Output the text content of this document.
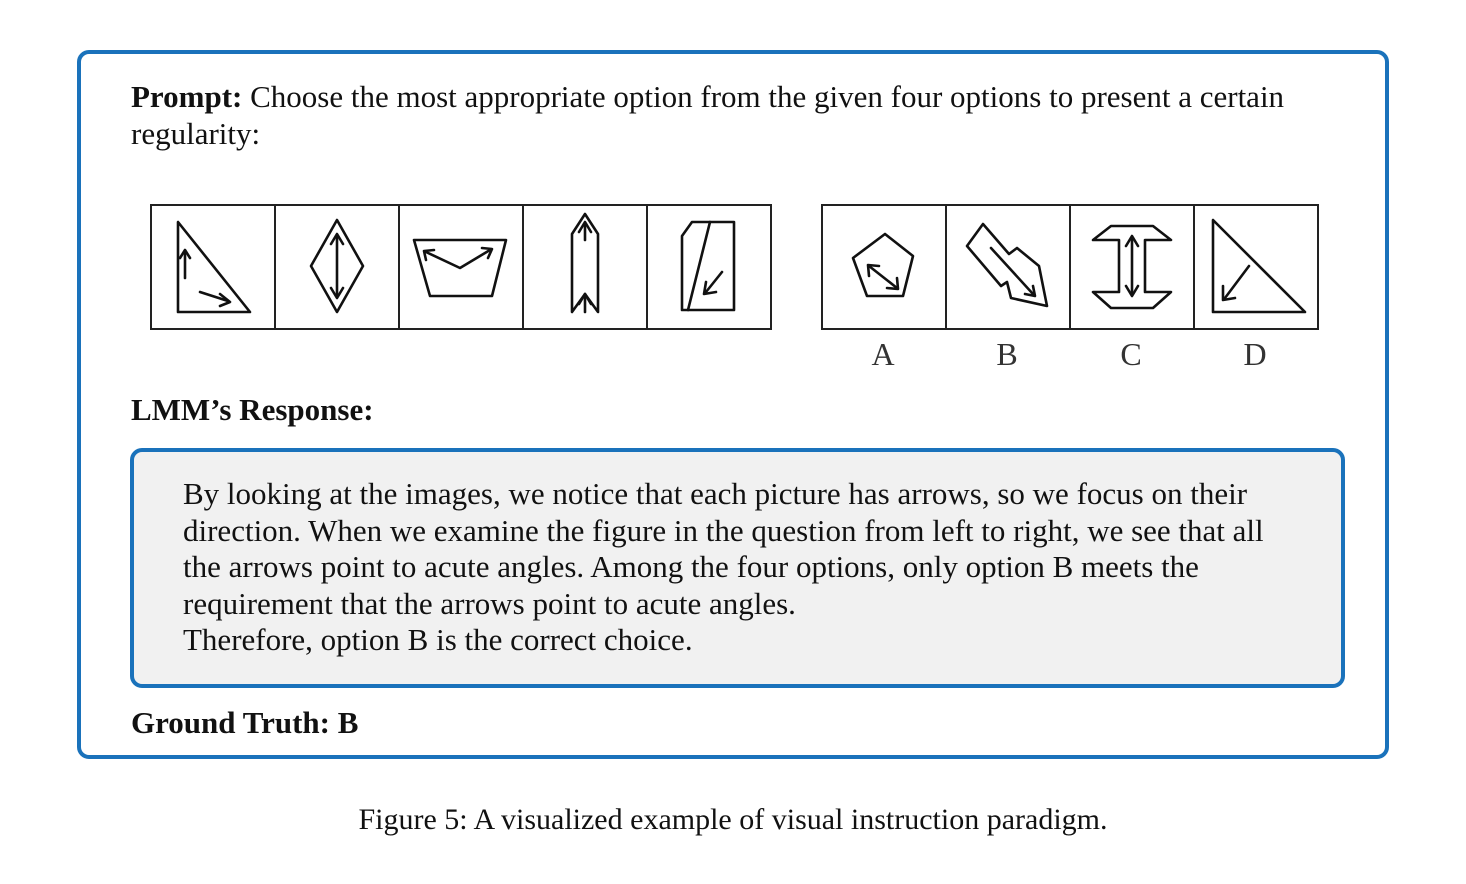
Prompt: Choose the most appropriate option from the given four options to present a certain regularity:
A	B	C	D
LMM’s Response:

By looking at the images, we notice that each picture has arrows, so we focus on their direction. When we examine the figure in the question from left to right, we see that all the arrows point to acute angles. Among the four options, only option B meets the requirement that the arrows point to acute angles.

Therefore, option B is the correct choice.

Ground Truth: B
Figure 5: A visualized example of visual instruction paradigm.
